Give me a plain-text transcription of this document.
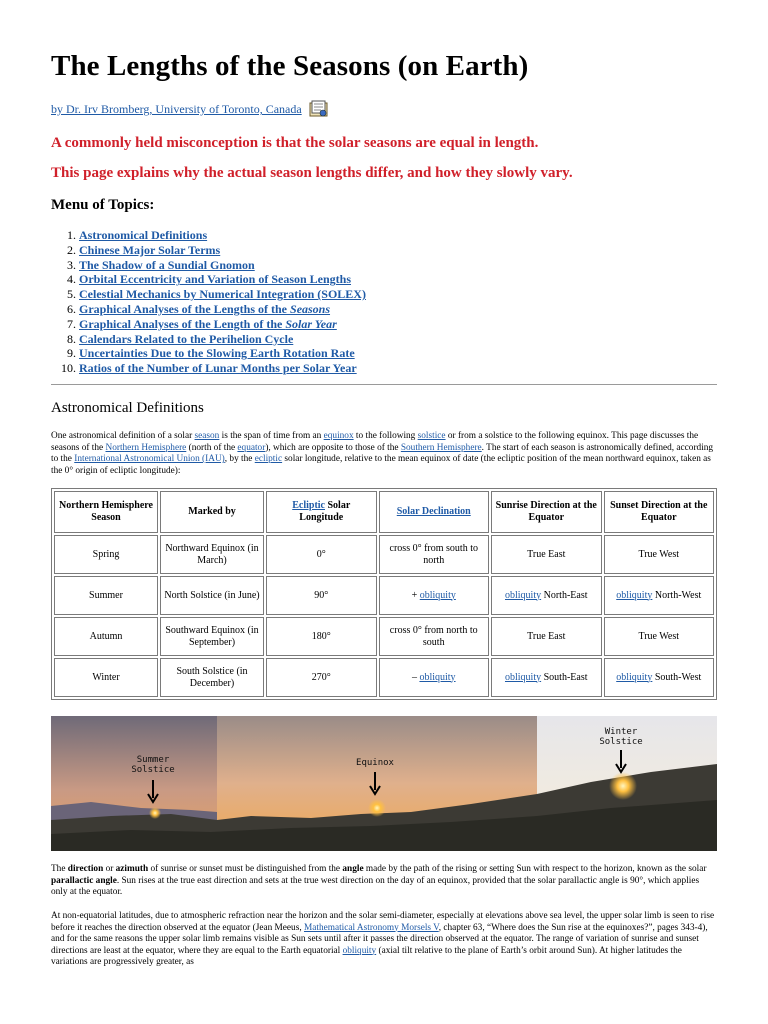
The Lengths of the Seasons (on Earth)
by Dr. Irv Bromberg, University of Toronto, Canada

A commonly held misconception is that the solar seasons are equal in length.

This page explains why the actual season lengths differ, and how they slowly vary.

Menu of Topics:

1. Astronomical Definitions
2. Chinese Major Solar Terms
3. The Shadow of a Sundial Gnomon
4. Orbital Eccentricity and Variation of Season Lengths
5. Celestial Mechanics by Numerical Integration (SOLEX)
6. Graphical Analyses of the Lengths of the Seasons
7. Graphical Analyses of the Length of the Solar Year
8. Calendars Related to the Perihelion Cycle
9. Uncertainties Due to the Slowing Earth Rotation Rate
10. Ratios of the Number of Lunar Months per Solar Year
Astronomical Definitions

One astronomical definition of a solar season is the span of time from an equinox to the following solstice or from a solstice to the following equinox. This page discusses the seasons of the Northern Hemisphere (north of the equator), which are opposite to those of the Southern Hemisphere. The start of each season is astronomically defined, according to the International Astronomical Union (IAU), by the ecliptic solar longitude, relative to the mean equinox of date (the ecliptic position of the mean northward equinox, taken as the 0° origin of ecliptic longitude):

Northern Hemisphere Season	Marked by	Ecliptic Solar Longitude	Solar Declination	Sunrise Direction at the Equator	Sunset Direction at the Equator
Spring	Northward Equinox (in March)	0°	cross 0° from south to north	True East	True West
Summer	North Solstice (in June)	90°	+ obliquity	obliquity North-East	obliquity North-West
Autumn	Southward Equinox (in September)	180°	cross 0° from north to south	True East	True West
Winter	South Solstice (in December)	270°	– obliquity	obliquity South-East	obliquity South-West
Summer
Solstice
Equinox
Winter
Solstice

The direction or azimuth of sunrise or sunset must be distinguished from the angle made by the path of the rising or setting Sun with respect to the horizon, known as the solar parallactic angle. Sun rises at the true east direction and sets at the true west direction on the day of an equinox, provided that the solar parallactic angle is 90°, which applies only at the equator.

At non-equatorial latitudes, due to atmospheric refraction near the horizon and the solar semi-diameter, especially at elevations above sea level, the upper solar limb is seen to rise before it reaches the direction observed at the equator (Jean Meeus, Mathematical Astronomy Morsels V, chapter 63, “Where does the Sun rise at the equinoxes?”, pages 343-4), and for the same reasons the upper solar limb remains visible as Sun sets until after it passes the direction observed at the equator. The range of variation of sunrise and sunset directions are least at the equator, where they are equal to the Earth equatorial obliquity (axial tilt relative to the plane of Earth’s orbit around Sun). At higher latitudes the variations are progressively greater, as
